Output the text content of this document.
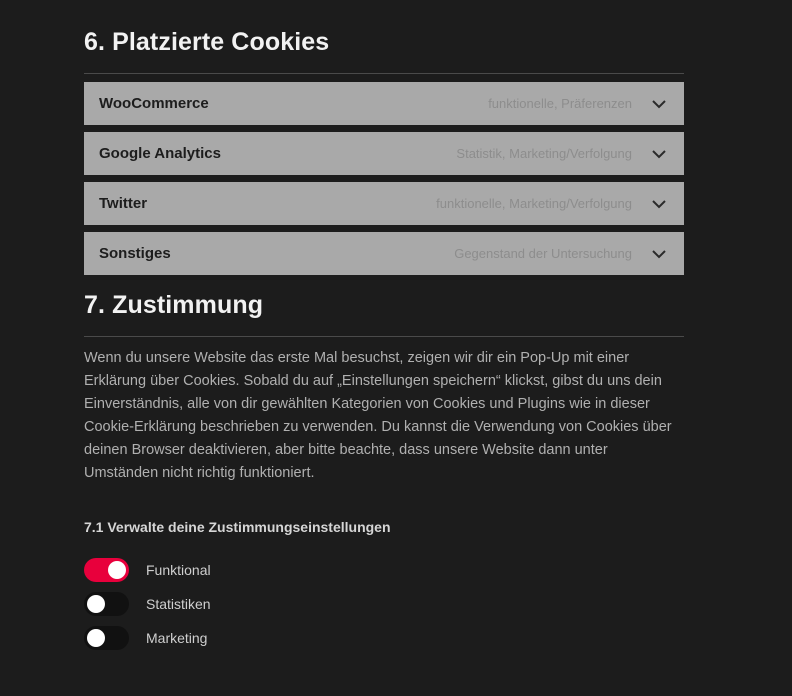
6. Platzierte Cookies
WooCommerce	funktionelle, Präferenzen
Google Analytics	Statistik, Marketing/Verfolgung
Twitter	funktionelle, Marketing/Verfolgung
Sonstiges	Gegenstand der Untersuchung
7. Zustimmung

Wenn du unsere Website das erste Mal besuchst, zeigen wir dir ein Pop-Up mit einer Erklärung über Cookies. Sobald du auf „Einstellungen speichern“ klickst, gibst du uns dein Einverständnis, alle von dir gewählten Kategorien von Cookies und Plugins wie in dieser Cookie-Erklärung beschrieben zu verwenden. Du kannst die Verwendung von Cookies über deinen Browser deaktivieren, aber bitte beachte, dass unsere Website dann unter Umständen nicht richtig funktioniert.

7.1 Verwalte deine Zustimmungseinstellungen
Funktional
Statistiken
Marketing
